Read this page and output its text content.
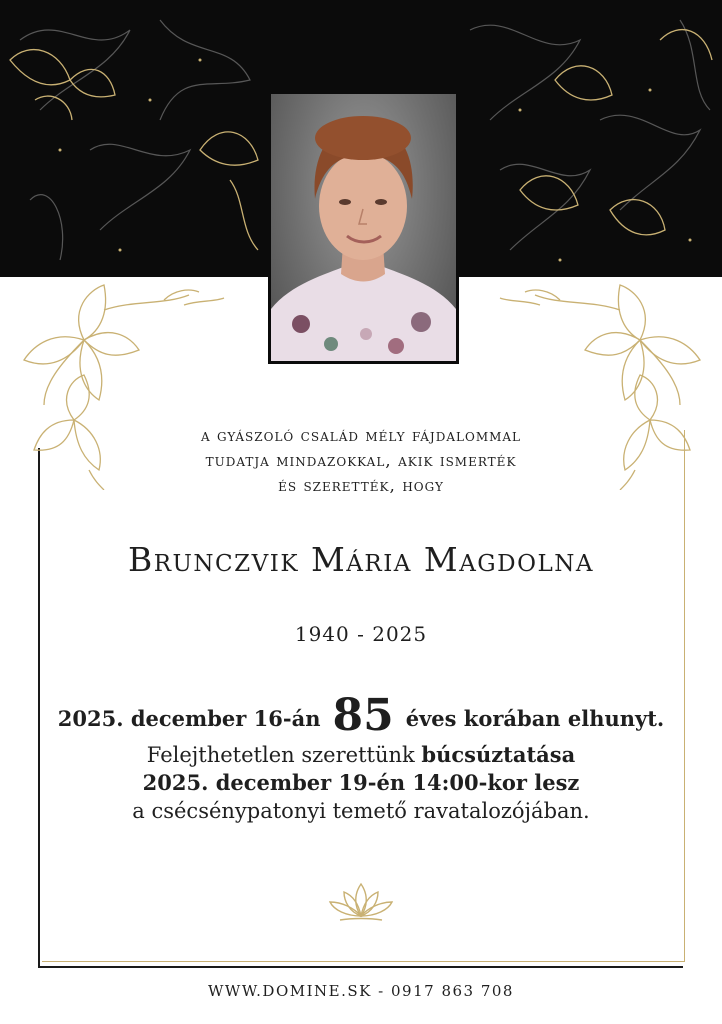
a gyászoló család mély fájdalommal
tudatja mindazokkal, akik ismerték
és szerették, hogy
Brunczvik Mária Magdolna
1940 - 2025
2025. december 16-án 85 éves korában elhunyt.
Felejthetetlen szerettünk búcsúztatása
2025. december 19-én 14:00-kor lesz
a csécsénypatonyi temető ravatalozójában.
WWW.DOMINE.SK - 0917 863 708
